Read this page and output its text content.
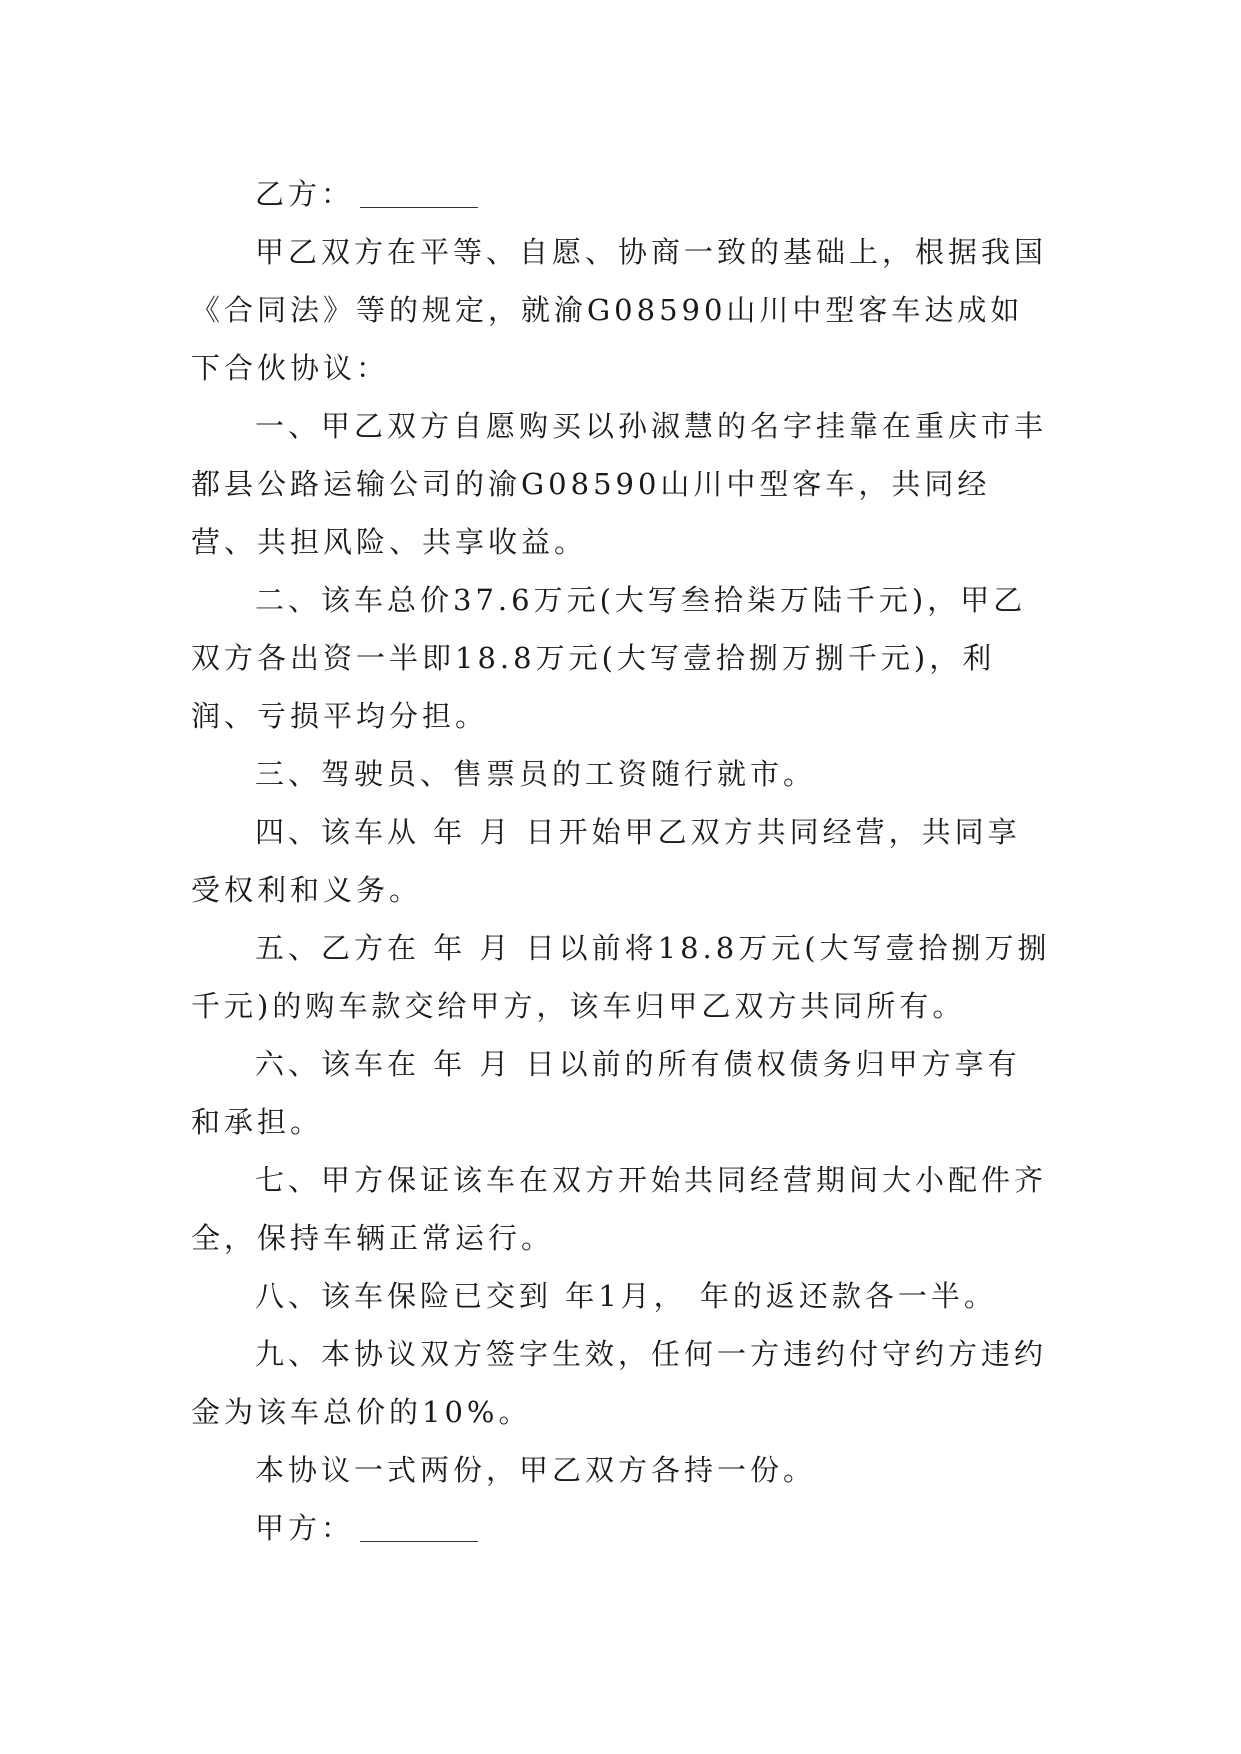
乙方：

甲乙双方在平等、自愿、协商一致的基础上，根据我国《合同法》等的规定，就渝G08590山川中型客车达成如下合伙协议：

一、甲乙双方自愿购买以孙淑慧的名字挂靠在重庆市丰都县公路运输公司的渝G08590山川中型客车，共同经营、共担风险、共享收益。

二、该车总价37.6万元(大写叁拾柒万陆千元)，甲乙双方各出资一半即18.8万元(大写壹拾捌万捌千元)，利润、亏损平均分担。

三、驾驶员、售票员的工资随行就市。

四、该车从 年 月 日开始甲乙双方共同经营，共同享受权利和义务。

五、乙方在 年 月 日以前将18.8万元(大写壹拾捌万捌千元)的购车款交给甲方，该车归甲乙双方共同所有。

六、该车在 年 月 日以前的所有债权债务归甲方享有和承担。

七、甲方保证该车在双方开始共同经营期间大小配件齐全，保持车辆正常运行。

八、该车保险已交到 年1月， 年的返还款各一半。

九、本协议双方签字生效，任何一方违约付守约方违约金为该车总价的10%。

本协议一式两份，甲乙双方各持一份。

甲方：
